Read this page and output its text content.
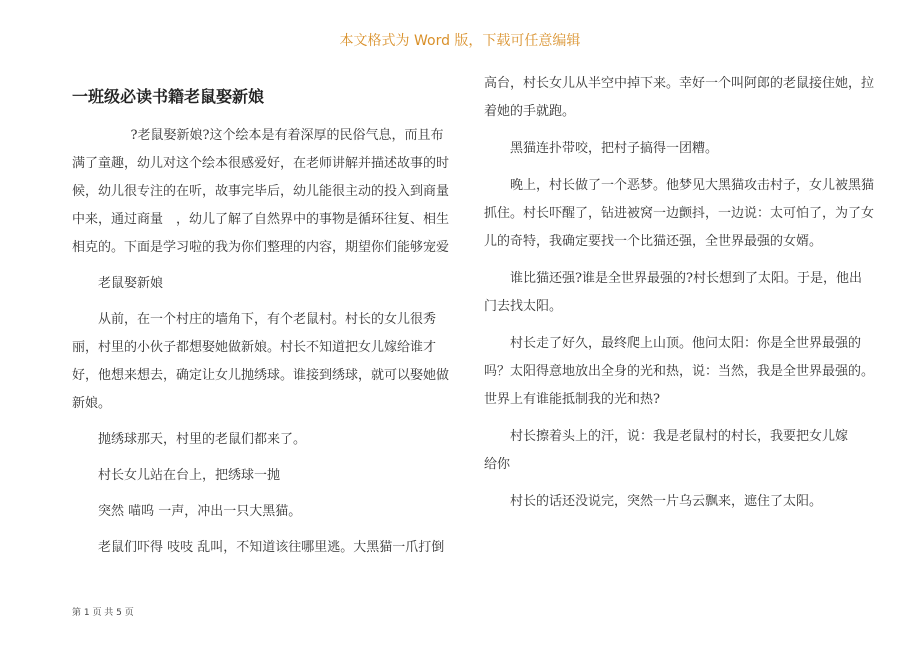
本文格式为 Word 版，下载可任意编辑
一班级必读书籍老鼠娶新娘

?老鼠娶新娘?这个绘本是有着深厚的民俗气息，而且布满了童趣，幼儿对这个绘本很感爱好，在老师讲解并描述故事的时候，幼儿很专注的在听，故事完毕后，幼儿能很主动的投入到商量　中来，通过商量　，幼儿了解了自然界中的事物是循环往复、相生相克的。下面是学习啦的我为你们整理的内容，期望你们能够宠爱

老鼠娶新娘

从前，在一个村庄的墙角下，有个老鼠村。村长的女儿很秀丽，村里的小伙子都想娶她做新娘。村长不知道把女儿嫁给谁才好，他想来想去，确定让女儿抛绣球。谁接到绣球，就可以娶她做新娘。

抛绣球那天，村里的老鼠们都来了。

村长女儿站在台上，把绣球一抛

突然 喵呜 一声，冲出一只大黑猫。

老鼠们吓得 吱吱 乱叫，不知道该往哪里逃。大黑猫一爪打倒

高台，村长女儿从半空中掉下来。幸好一个叫阿郎的老鼠接住她，拉着她的手就跑。

黑猫连扑带咬，把村子搞得一团糟。

晚上，村长做了一个恶梦。他梦见大黑猫攻击村子，女儿被黑猫抓住。村长吓醒了，钻进被窝一边颤抖，一边说：太可怕了，为了女儿的奇特，我确定要找一个比猫还强，全世界最强的女婿。

谁比猫还强?谁是全世界最强的?村长想到了太阳。于是，他出门去找太阳。

村长走了好久，最终爬上山顶。他问太阳：你是全世界最强的吗？太阳得意地放出全身的光和热，说：当然，我是全世界最强的。世界上有谁能抵制我的光和热?

村长擦着头上的汗，说：我是老鼠村的村长，我要把女儿嫁

给你

村长的话还没说完，突然一片乌云飘来，遮住了太阳。

第 1 页 共 5 页
